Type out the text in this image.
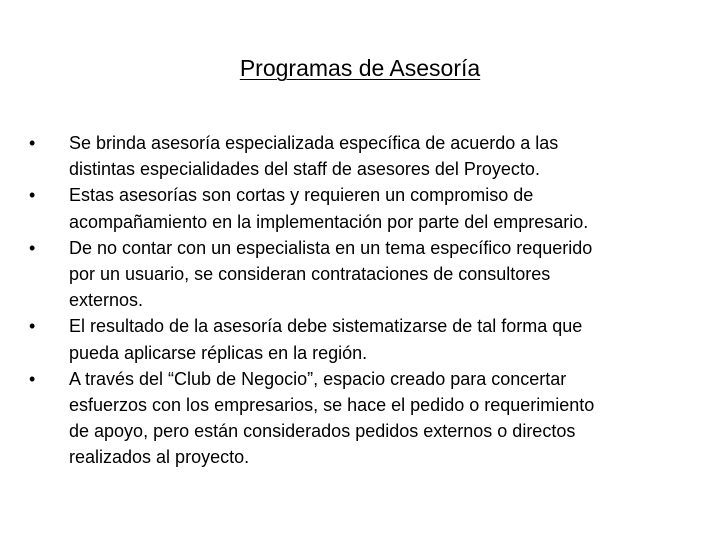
Programas de Asesoría
•	Se brinda asesoría especializada específica de acuerdo a las
distintas especialidades del staff de asesores del Proyecto.
•	Estas asesorías son cortas y requieren un compromiso de
acompañamiento en la implementación por parte del empresario.
•	De no contar con un especialista en un tema específico requerido
por un usuario, se consideran contrataciones de consultores
externos.
•	El resultado de la asesoría debe sistematizarse de tal forma que
pueda aplicarse réplicas en la región.
•	A través del “Club de Negocio”, espacio creado para concertar
esfuerzos con los empresarios, se hace el pedido o requerimiento
de apoyo, pero están considerados pedidos externos o directos
realizados al proyecto.
